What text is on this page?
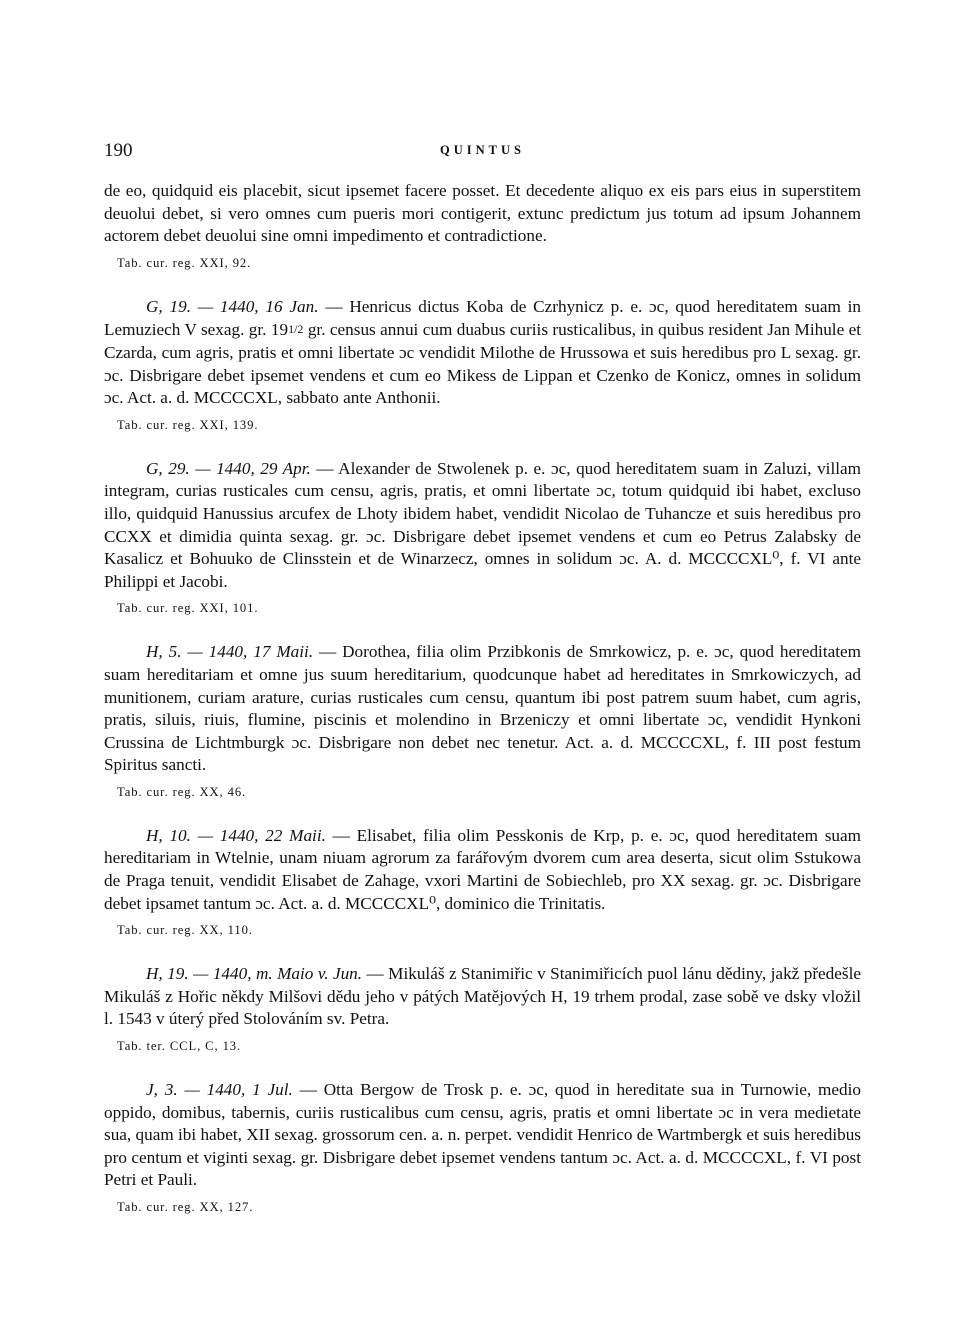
190	QUINTUS

de eo, quidquid eis placebit, sicut ipsemet facere posset. Et decedente aliquo ex eis pars eius in superstitem deuolui debet, si vero omnes cum pueris mori contigerit, extunc predictum jus totum ad ipsum Johannem actorem debet deuolui sine omni impedimento et contradictione.

Tab. cur. reg. XXI, 92.

G, 19. — 1440, 16 Jan. — Henricus dictus Koba de Czrhynicz p. e. ɔc, quod hereditatem suam in Lemuziech V sexag. gr. 191/2 gr. census annui cum duabus curiis rusticalibus, in quibus resident Jan Mihule et Czarda, cum agris, pratis et omni libertate ɔc vendidit Milothe de Hrussowa et suis heredibus pro L sexag. gr. ɔc. Disbrigare debet ipsemet vendens et cum eo Mikess de Lippan et Czenko de Konicz, omnes in solidum ɔc. Act. a. d. MCCCCXL, sabbato ante Anthonii.

Tab. cur. reg. XXI, 139.

G, 29. — 1440, 29 Apr. — Alexander de Stwolenek p. e. ɔc, quod hereditatem suam in Zaluzi, villam integram, curias rusticales cum censu, agris, pratis, et omni libertate ɔc, totum quidquid ibi habet, excluso illo, quidquid Hanussius arcufex de Lhoty ibidem habet, vendidit Nicolao de Tuhancze et suis heredibus pro CCXX et dimidia quinta sexag. gr. ɔc. Disbrigare debet ipsemet vendens et cum eo Petrus Zalabsky de Kasalicz et Bohuuko de Clinsstein et de Winarzecz, omnes in solidum ɔc. A. d. MCCCCXL⁰, f. VI ante Philippi et Jacobi.

Tab. cur. reg. XXI, 101.

H, 5. — 1440, 17 Maii. — Dorothea, filia olim Przibkonis de Smrkowicz, p. e. ɔc, quod hereditatem suam hereditariam et omne jus suum hereditarium, quodcunque habet ad hereditates in Smrkowiczych, ad munitionem, curiam arature, curias rusticales cum censu, quantum ibi post patrem suum habet, cum agris, pratis, siluis, riuis, flumine, piscinis et molendino in Brzeniczy et omni libertate ɔc, vendidit Hynkoni Crussina de Lichtmburgk ɔc. Disbrigare non debet nec tenetur. Act. a. d. MCCCCXL, f. III post festum Spiritus sancti.

Tab. cur. reg. XX, 46.

H, 10. — 1440, 22 Maii. — Elisabet, filia olim Pesskonis de Krp, p. e. ɔc, quod hereditatem suam hereditariam in Wtelnie, unam niuam agrorum za farářovým dvorem cum area deserta, sicut olim Sstukowa de Praga tenuit, vendidit Elisabet de Zahage, vxori Martini de Sobiechleb, pro XX sexag. gr. ɔc. Disbrigare debet ipsamet tantum ɔc. Act. a. d. MCCCCXL⁰, dominico die Trinitatis.

Tab. cur. reg. XX, 110.

H, 19. — 1440, m. Maio v. Jun. — Mikuláš z Stanimiřic v Stanimiřicích puol lánu dědiny, jakž předešle Mikuláš z Hořic někdy Milšovi dědu jeho v pátých Matějových H, 19 trhem prodal, zase sobě ve dsky vložil l. 1543 v úterý před Stolováním sv. Petra.

Tab. ter. CCL, C, 13.

J, 3. — 1440, 1 Jul. — Otta Bergow de Trosk p. e. ɔc, quod in hereditate sua in Turnowie, medio oppido, domibus, tabernis, curiis rusticalibus cum censu, agris, pratis et omni libertate ɔc in vera medietate sua, quam ibi habet, XII sexag. grossorum cen. a. n. perpet. vendidit Henrico de Wartmbergk et suis heredibus pro centum et viginti sexag. gr. Disbrigare debet ipsemet vendens tantum ɔc. Act. a. d. MCCCCXL, f. VI post Petri et Pauli.

Tab. cur. reg. XX, 127.
